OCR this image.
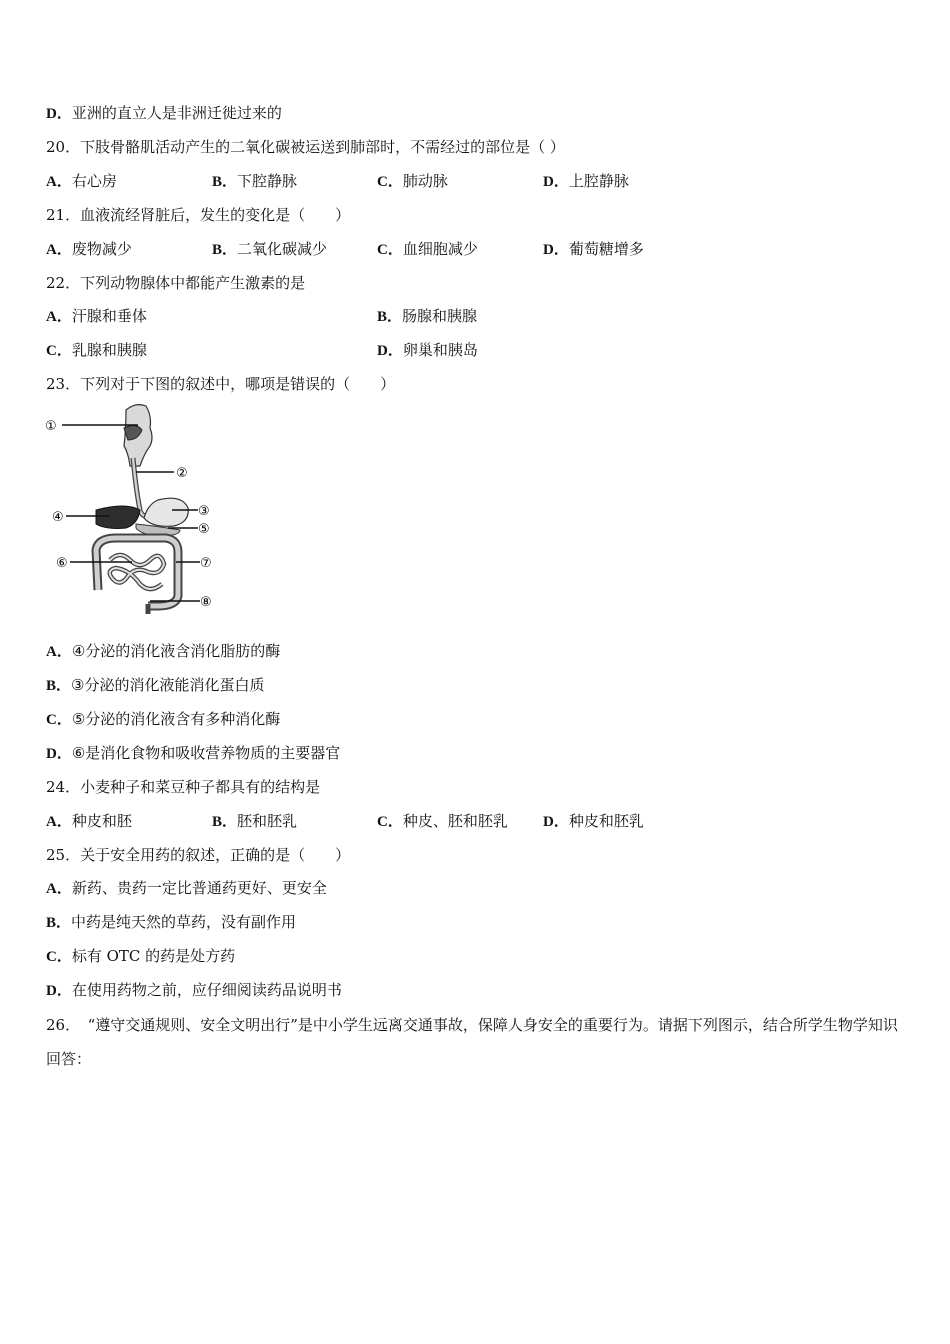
D．亚洲的直立人是非洲迁徙过来的
20．下肢骨骼肌活动产生的二氧化碳被运送到肺部时，不需经过的部位是（ ）
A．右心房	B．下腔静脉	C．肺动脉	D．上腔静脉
21．血液流经肾脏后，发生的变化是（　　）
A．废物减少	B．二氧化碳减少	C．血细胞减少	D．葡萄糖增多
22．下列动物腺体中都能产生激素的是
A．汗腺和垂体	B．肠腺和胰腺
C．乳腺和胰腺	D．卵巢和胰岛
23．下列对于下图的叙述中，哪项是错误的（　　）
①
②
③
④
⑤
⑥	⑦
⑧
A．④分泌的消化液含消化脂肪的酶
B．③分泌的消化液能消化蛋白质
C．⑤分泌的消化液含有多种消化酶
D．⑥是消化食物和吸收营养物质的主要器官
24．小麦种子和菜豆种子都具有的结构是
A．种皮和胚	B．胚和胚乳	C．种皮、胚和胚乳 D．种皮和胚乳
25．关于安全用药的叙述，正确的是（　　）
A．新药、贵药一定比普通药更好、更安全
B．中药是纯天然的草药，没有副作用
C．标有 OTC 的药是处方药
D．在使用药物之前，应仔细阅读药品说明书
26．　“遵守交通规则、安全文明出行”是中小学生远离交通事故，保障人身安全的重要行为。请据下列图示，结合所学生物学知识回答：
